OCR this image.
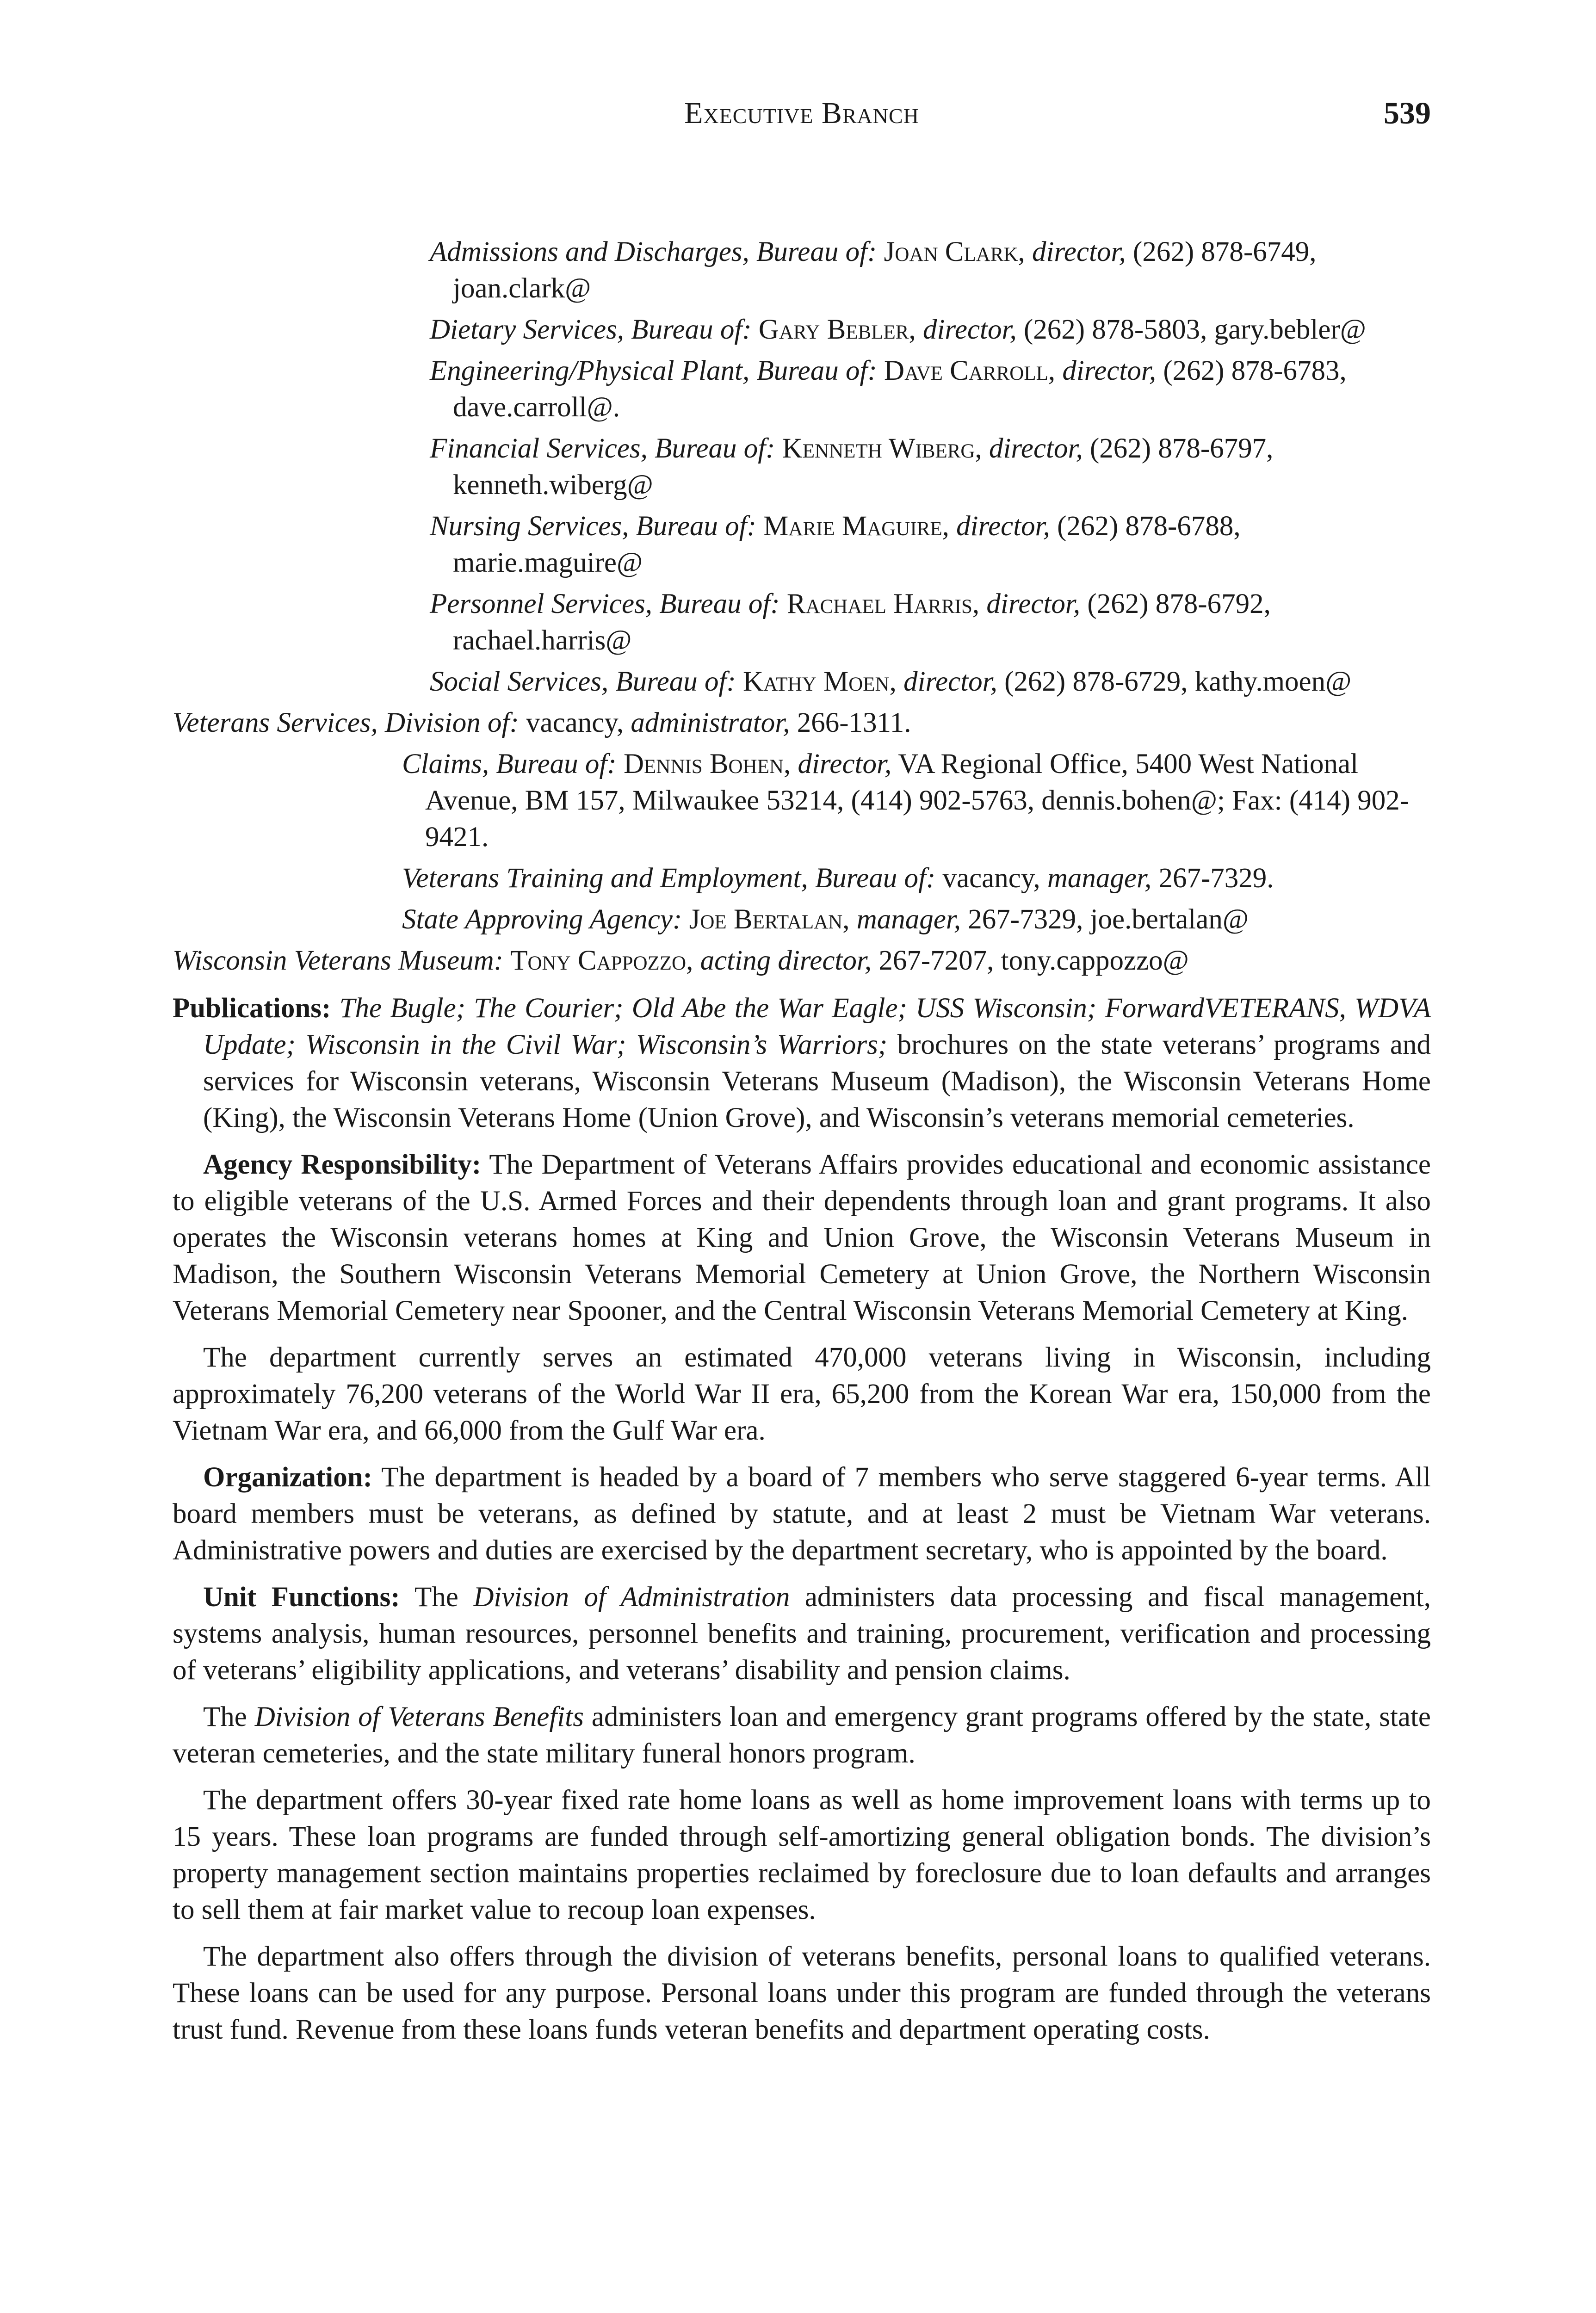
Executive Branch	539

Admissions and Discharges, Bureau of: Joan Clark, director, (262) 878-6749, joan.clark@

Dietary Services, Bureau of: Gary Bebler, director, (262) 878-5803, gary.bebler@

Engineering/Physical Plant, Bureau of: Dave Carroll, director, (262) 878-6783, dave.carroll@.

Financial Services, Bureau of: Kenneth Wiberg, director, (262) 878-6797, kenneth.wiberg@

Nursing Services, Bureau of: Marie Maguire, director, (262) 878-6788, marie.maguire@

Personnel Services, Bureau of: Rachael Harris, director, (262) 878-6792, rachael.harris@

Social Services, Bureau of: Kathy Moen, director, (262) 878-6729, kathy.moen@

Veterans Services, Division of: vacancy, administrator, 266-1311.

Claims, Bureau of: Dennis Bohen, director, VA Regional Office, 5400 West National Avenue, BM 157, Milwaukee 53214, (414) 902-5763, dennis.bohen@; Fax: (414) 902-9421.

Veterans Training and Employment, Bureau of: vacancy, manager, 267-7329.

State Approving Agency: Joe Bertalan, manager, 267-7329, joe.bertalan@

Wisconsin Veterans Museum: Tony Cappozzo, acting director, 267-7207, tony.cappozzo@

Publications: The Bugle; The Courier; Old Abe the War Eagle; USS Wisconsin; ForwardVETERANS, WDVA Update; Wisconsin in the Civil War; Wisconsin’s Warriors; brochures on the state veterans’ programs and services for Wisconsin veterans, Wisconsin Veterans Museum (Madison), the Wisconsin Veterans Home (King), the Wisconsin Veterans Home (Union Grove), and Wisconsin’s veterans memorial cemeteries.

Agency Responsibility: The Department of Veterans Affairs provides educational and economic assistance to eligible veterans of the U.S. Armed Forces and their dependents through loan and grant programs. It also operates the Wisconsin veterans homes at King and Union Grove, the Wisconsin Veterans Museum in Madison, the Southern Wisconsin Veterans Memorial Cemetery at Union Grove, the Northern Wisconsin Veterans Memorial Cemetery near Spooner, and the Central Wisconsin Veterans Memorial Cemetery at King.

The department currently serves an estimated 470,000 veterans living in Wisconsin, including approximately 76,200 veterans of the World War II era, 65,200 from the Korean War era, 150,000 from the Vietnam War era, and 66,000 from the Gulf War era.

Organization: The department is headed by a board of 7 members who serve staggered 6-year terms. All board members must be veterans, as defined by statute, and at least 2 must be Vietnam War veterans. Administrative powers and duties are exercised by the department secretary, who is appointed by the board.

Unit Functions: The Division of Administration administers data processing and fiscal management, systems analysis, human resources, personnel benefits and training, procurement, verification and processing of veterans’ eligibility applications, and veterans’ disability and pension claims.

The Division of Veterans Benefits administers loan and emergency grant programs offered by the state, state veteran cemeteries, and the state military funeral honors program.

The department offers 30-year fixed rate home loans as well as home improvement loans with terms up to 15 years. These loan programs are funded through self-amortizing general obligation bonds. The division’s property management section maintains properties reclaimed by foreclosure due to loan defaults and arranges to sell them at fair market value to recoup loan expenses.

The department also offers through the division of veterans benefits, personal loans to qualified veterans. These loans can be used for any purpose. Personal loans under this program are funded through the veterans trust fund. Revenue from these loans funds veteran benefits and department operating costs.
